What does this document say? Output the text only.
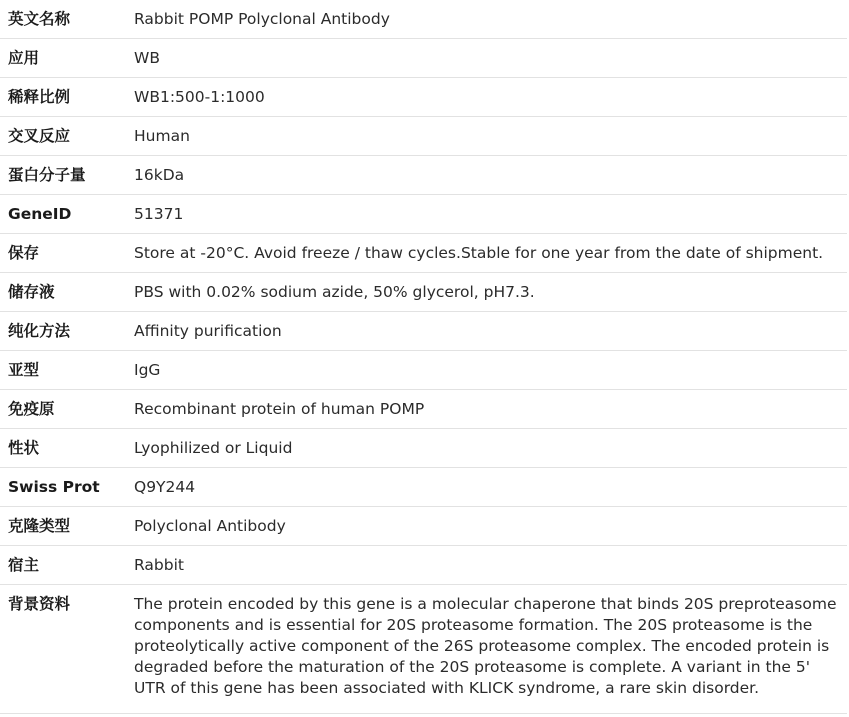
英文名称	Rabbit POMP Polyclonal Antibody
应用	WB
稀释比例	WB1:500-1:1000
交叉反应	Human
蛋白分子量	16kDa
GeneID	51371
保存	Store at -20°C. Avoid freeze / thaw cycles.Stable for one year from the date of shipment.
储存液	PBS with 0.02% sodium azide, 50% glycerol, pH7.3.
纯化方法	Affinity purification
亚型	IgG
免疫原	Recombinant protein of human POMP
性状	Lyophilized or Liquid
Swiss Prot	Q9Y244
克隆类型	Polyclonal Antibody
宿主	Rabbit
背景资料	The protein encoded by this gene is a molecular chaperone that binds 20S preproteasome components and is essential for 20S proteasome formation. The 20S proteasome is the proteolytically active component of the 26S proteasome complex. The encoded protein is degraded before the maturation of the 20S proteasome is complete. A variant in the 5' UTR of this gene has been associated with KLICK syndrome, a rare skin disorder.
